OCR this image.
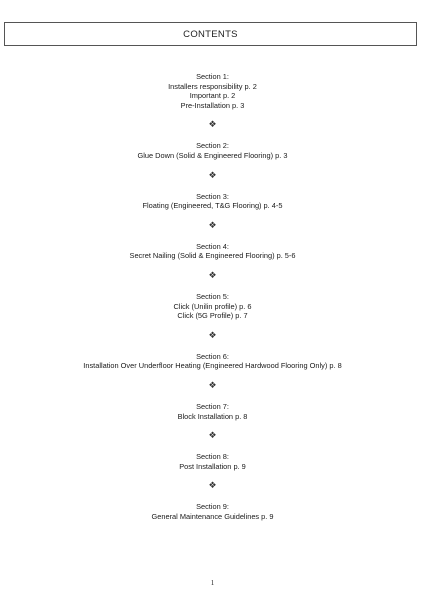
CONTENTS
Section 1:
Installers responsibility p. 2
Important p. 2
Pre-Installation p. 3
❖
Section 2:
Glue Down (Solid & Engineered Flooring) p. 3
❖
Section 3:
Floating (Engineered, T&G Flooring) p. 4-5
❖
Section 4:
Secret Nailing (Solid & Engineered Flooring) p. 5-6
❖
Section 5:
Click (Unilin profile) p. 6
Click (5G Profile) p. 7
❖
Section 6:
Installation Over Underfloor Heating (Engineered Hardwood Flooring Only) p. 8
❖
Section 7:
Block Installation p. 8
❖
Section 8:
Post Installation p. 9
❖
Section 9:
General Maintenance Guidelines p. 9
1
